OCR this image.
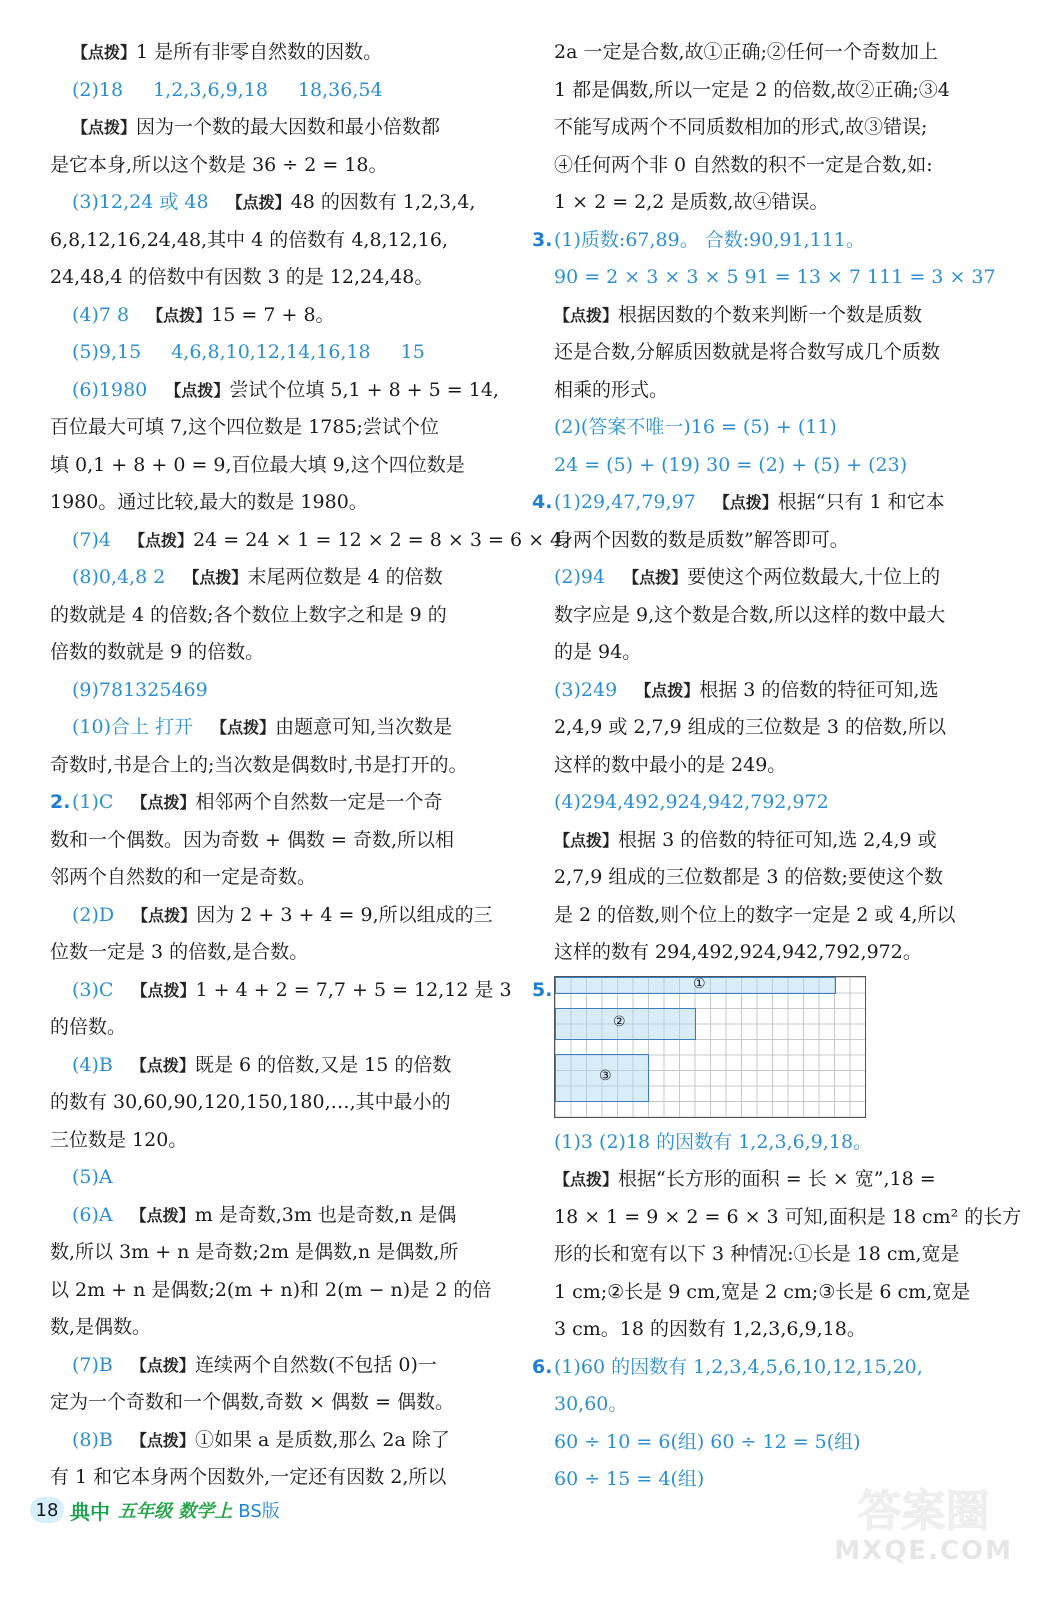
【点拨】1 是所有非零自然数的因数。
(2)18 1,2,3,6,9,18 18,36,54
【点拨】因为一个数的最大因数和最小倍数都
是它本身,所以这个数是 36 ÷ 2 = 18。
(3)12,24 或 48 【点拨】48 的因数有 1,2,3,4,
6,8,12,16,24,48,其中 4 的倍数有 4,8,12,16,
24,48,4 的倍数中有因数 3 的是 12,24,48。
(4)7 8 【点拨】15 = 7 + 8。
(5)9,15 4,6,8,10,12,14,16,18 15
(6)1980 【点拨】尝试个位填 5,1 + 8 + 5 = 14,
百位最大可填 7,这个四位数是 1785;尝试个位
填 0,1 + 8 + 0 = 9,百位最大填 9,这个四位数是
1980。通过比较,最大的数是 1980。
(7)4 【点拨】24 = 24 × 1 = 12 × 2 = 8 × 3 = 6 × 4。
(8)0,4,8 2 【点拨】末尾两位数是 4 的倍数
的数就是 4 的倍数;各个数位上数字之和是 9 的
倍数的数就是 9 的倍数。
(9)781325469
(10)合上 打开 【点拨】由题意可知,当次数是
奇数时,书是合上的;当次数是偶数时,书是打开的。
2.(1)C 【点拨】相邻两个自然数一定是一个奇
数和一个偶数。因为奇数 + 偶数 = 奇数,所以相
邻两个自然数的和一定是奇数。
(2)D 【点拨】因为 2 + 3 + 4 = 9,所以组成的三
位数一定是 3 的倍数,是合数。
(3)C 【点拨】1 + 4 + 2 = 7,7 + 5 = 12,12 是 3
的倍数。
(4)B 【点拨】既是 6 的倍数,又是 15 的倍数
的数有 30,60,90,120,150,180,…,其中最小的
三位数是 120。
(5)A
(6)A 【点拨】m 是奇数,3m 也是奇数,n 是偶
数,所以 3m + n 是奇数;2m 是偶数,n 是偶数,所
以 2m + n 是偶数;2(m + n)和 2(m − n)是 2 的倍
数,是偶数。
(7)B 【点拨】连续两个自然数(不包括 0)一
定为一个奇数和一个偶数,奇数 × 偶数 = 偶数。
(8)B 【点拨】①如果 a 是质数,那么 2a 除了
有 1 和它本身两个因数外,一定还有因数 2,所以
2a 一定是合数,故①正确;②任何一个奇数加上
1 都是偶数,所以一定是 2 的倍数,故②正确;③4
不能写成两个不同质数相加的形式,故③错误;
④任何两个非 0 自然数的积不一定是合数,如:
1 × 2 = 2,2 是质数,故④错误。
3.(1)质数:67,89。 合数:90,91,111。
90 = 2 × 3 × 3 × 5 91 = 13 × 7 111 = 3 × 37
【点拨】根据因数的个数来判断一个数是质数
还是合数,分解质因数就是将合数写成几个质数
相乘的形式。
(2)(答案不唯一)16 = (5) + (11)
24 = (5) + (19) 30 = (2) + (5) + (23)
4.(1)29,47,79,97 【点拨】根据“只有 1 和它本
身两个因数的数是质数”解答即可。
(2)94 【点拨】要使这个两位数最大,十位上的
数字应是 9,这个数是合数,所以这样的数中最大
的是 94。
(3)249 【点拨】根据 3 的倍数的特征可知,选
2,4,9 或 2,7,9 组成的三位数是 3 的倍数,所以
这样的数中最小的是 249。
(4)294,492,924,942,792,972
【点拨】根据 3 的倍数的特征可知,选 2,4,9 或
2,7,9 组成的三位数都是 3 的倍数;要使这个数
是 2 的倍数,则个位上的数字一定是 2 或 4,所以
这样的数有 294,492,924,942,792,972。
5.	①
②
③
(1)3 (2)18 的因数有 1,2,3,6,9,18。
【点拨】根据“长方形的面积 = 长 × 宽”,18 =
18 × 1 = 9 × 2 = 6 × 3 可知,面积是 18 cm² 的长方
形的长和宽有以下 3 种情况:①长是 18 cm,宽是
1 cm;②长是 9 cm,宽是 2 cm;③长是 6 cm,宽是
3 cm。18 的因数有 1,2,3,6,9,18。
6.(1)60 的因数有 1,2,3,4,5,6,10,12,15,20,
30,60。
60 ÷ 10 = 6(组) 60 ÷ 12 = 5(组)
60 ÷ 15 = 4(组)
18 典中 五年级 数学上 BS版	答案圈
MXQE.COM
